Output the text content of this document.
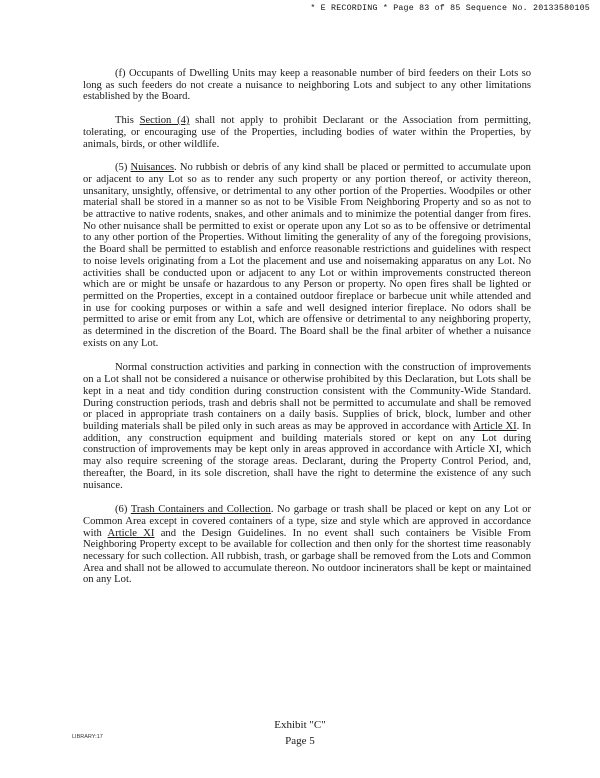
* E RECORDING * Page 83 of 85 Sequence No. 20133580105

(f) Occupants of Dwelling Units may keep a reasonable number of bird feeders on their Lots so long as such feeders do not create a nuisance to neighboring Lots and subject to any other limitations established by the Board.

This Section (4) shall not apply to prohibit Declarant or the Association from permitting, tolerating, or encouraging use of the Properties, including bodies of water within the Properties, by animals, birds, or other wildlife.

(5) Nuisances. No rubbish or debris of any kind shall be placed or permitted to accumulate upon or adjacent to any Lot so as to render any such property or any portion thereof, or activity thereon, unsanitary, unsightly, offensive, or detrimental to any other portion of the Properties. Woodpiles or other material shall be stored in a manner so as not to be Visible From Neighboring Property and so as not to be attractive to native rodents, snakes, and other animals and to minimize the potential danger from fires. No other nuisance shall be permitted to exist or operate upon any Lot so as to be offensive or detrimental to any other portion of the Properties. Without limiting the generality of any of the foregoing provisions, the Board shall be permitted to establish and enforce reasonable restrictions and guidelines with respect to noise levels originating from a Lot the placement and use and noisemaking apparatus on any Lot. No activities shall be conducted upon or adjacent to any Lot or within improvements constructed thereon which are or might be unsafe or hazardous to any Person or property. No open fires shall be lighted or permitted on the Properties, except in a contained outdoor fireplace or barbecue unit while attended and in use for cooking purposes or within a safe and well designed interior fireplace. No odors shall be permitted to arise or emit from any Lot, which are offensive or detrimental to any neighboring property, as determined in the discretion of the Board. The Board shall be the final arbiter of whether a nuisance exists on any Lot.

Normal construction activities and parking in connection with the construction of improvements on a Lot shall not be considered a nuisance or otherwise prohibited by this Declaration, but Lots shall be kept in a neat and tidy condition during construction consistent with the Community-Wide Standard. During construction periods, trash and debris shall not be permitted to accumulate and shall be removed or placed in appropriate trash containers on a daily basis. Supplies of brick, block, lumber and other building materials shall be piled only in such areas as may be approved in accordance with Article XI. In addition, any construction equipment and building materials stored or kept on any Lot during construction of improvements may be kept only in areas approved in accordance with Article XI, which may also require screening of the storage areas. Declarant, during the Property Control Period, and, thereafter, the Board, in its sole discretion, shall have the right to determine the existence of any such nuisance.

(6) Trash Containers and Collection. No garbage or trash shall be placed or kept on any Lot or Common Area except in covered containers of a type, size and style which are approved in accordance with Article XI and the Design Guidelines. In no event shall such containers be Visible From Neighboring Property except to be available for collection and then only for the shortest time reasonably necessary for such collection. All rubbish, trash, or garbage shall be removed from the Lots and Common Area and shall not be allowed to accumulate thereon. No outdoor incinerators shall be kept or maintained on any Lot.

LIBRARY:17
Exhibit "C"
Page 5
